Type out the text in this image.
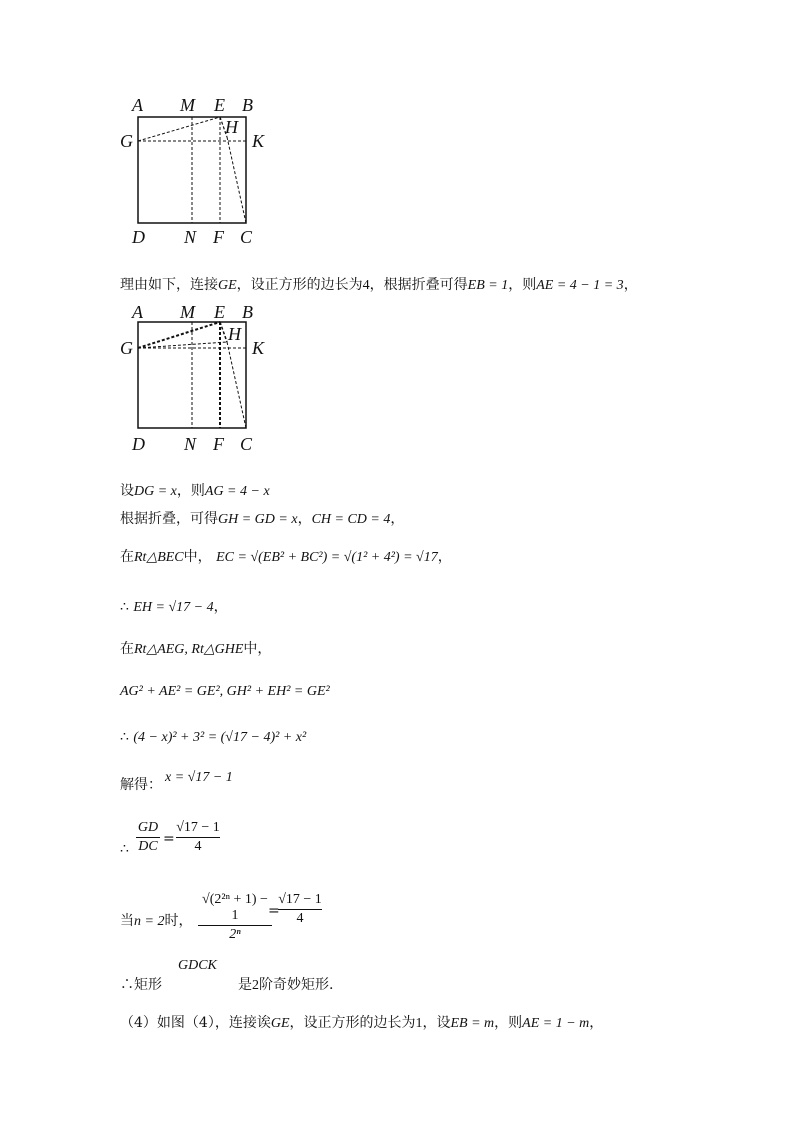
A M E B
G
H
K
D N F C
理由如下，连接GE，设正方形的边长为4，根据折叠可得EB = 1，则AE = 4 − 1 = 3，
A M E B
G
H
K
D N F C
设DG = x，则AG = 4 − x
根据折叠，可得GH = GD = x，CH = CD = 4，
在Rt△BEC中， EC = √(EB² + BC²) = √(1² + 4²) = √17，
∴ EH = √17 − 4，
在Rt△AEG, Rt△GHE中，
AG² + AE² = GE², GH² + EH² = GE²
∴ (4 − x)² + 3² = (√17 − 4)² + x²
解得： x = √17 − 1
∴
GD
DC =
√17 − 1
4
当n = 2时，
√(2²ⁿ + 1) − 1
2ⁿ
=
√17 − 1
4
∴矩形
GDCK
是2阶奇妙矩形.
（4）如图（4），连接诶GE，设正方形的边长为1，设EB = m，则AE = 1 − m，
